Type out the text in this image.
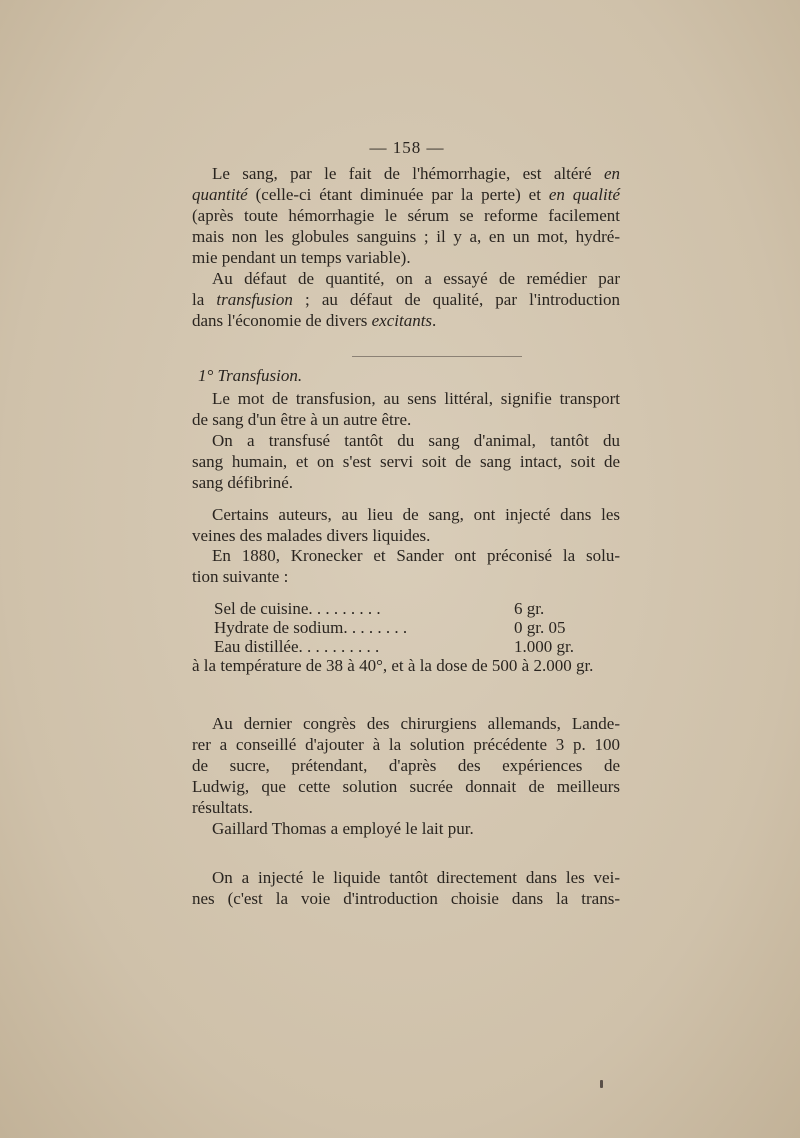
— 158 —
Le sang, par le fait de l'hémorrhagie, est altéré en
quantité (celle-ci étant diminuée par la perte) et en qualité
(après toute hémorrhagie le sérum se reforme facilement
mais non les globules sanguins ; il y a, en un mot, hydré-
mie pendant un temps variable).
Au défaut de quantité, on a essayé de remédier par
la transfusion ; au défaut de qualité, par l'introduction
dans l'économie de divers excitants.
1° Transfusion.
Le mot de transfusion, au sens littéral, signifie transport
de sang d'un être à un autre être.
On a transfusé tantôt du sang d'animal, tantôt du
sang humain, et on s'est servi soit de sang intact, soit de
sang défibriné.
Certains auteurs, au lieu de sang, ont injecté dans les
veines des malades divers liquides.
En 1880, Kronecker et Sander ont préconisé la solu-
tion suivante :
Sel de cuisine. . . . . . . . .	6 gr.
Hydrate de sodium. . . . . . . .	0 gr. 05
Eau distillée. . . . . . . . . .	1.000 gr.
à la température de 38 à 40°, et à la dose de 500 à 2.000 gr.
Au dernier congrès des chirurgiens allemands, Lande-
rer a conseillé d'ajouter à la solution précédente 3 p. 100
de sucre, prétendant, d'après des expériences de
Ludwig, que cette solution sucrée donnait de meilleurs
résultats.
Gaillard Thomas a employé le lait pur.
On a injecté le liquide tantôt directement dans les vei-
nes (c'est la voie d'introduction choisie dans la trans-
